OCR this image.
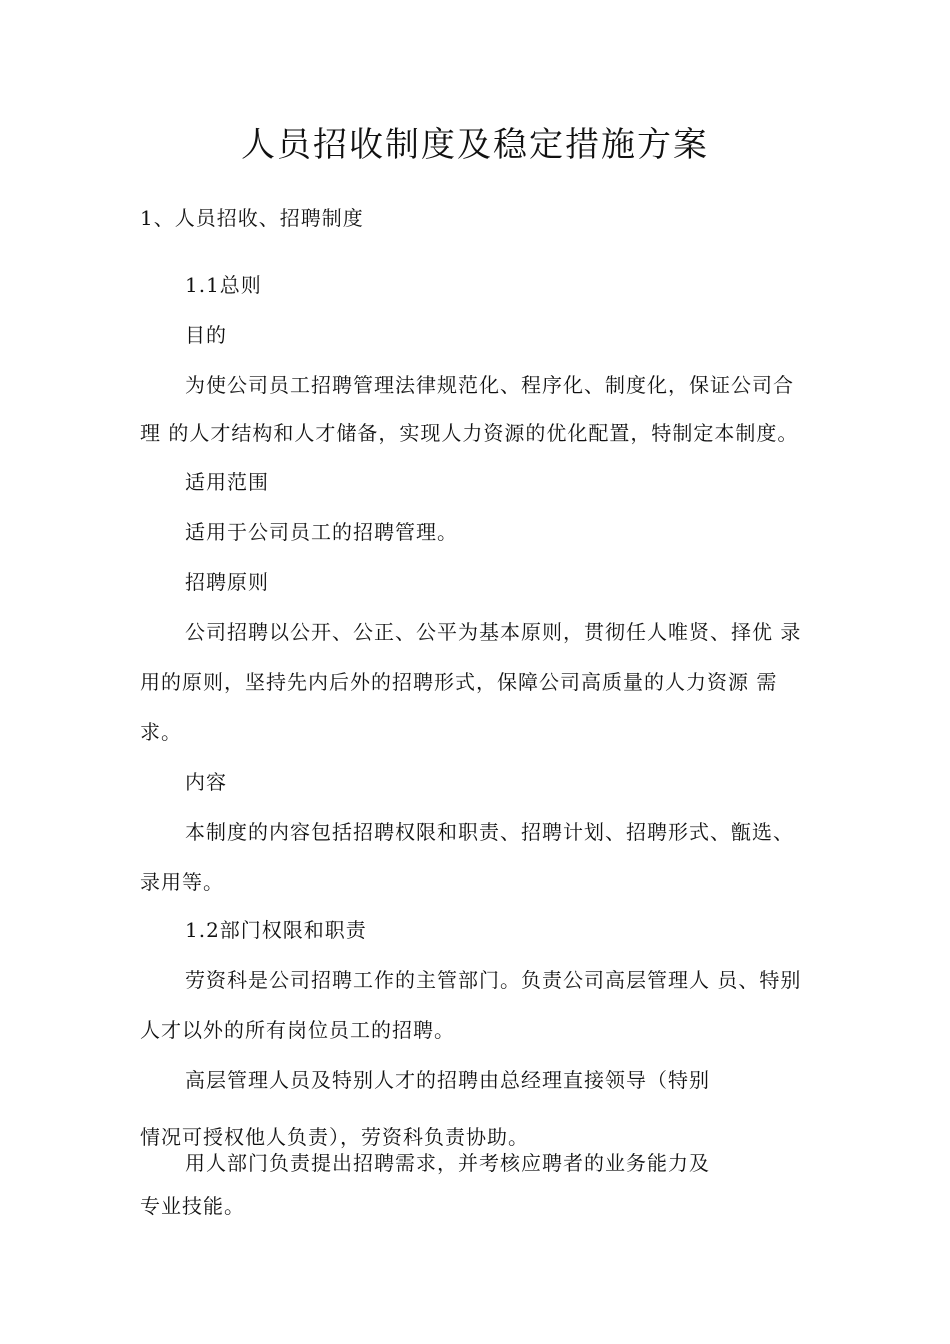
人员招收制度及稳定措施方案

1、人员招收、招聘制度

1.1总则

目的

为使公司员工招聘管理法律规范化、程序化、制度化，保证公司合

理 的人才结构和人才储备，实现人力资源的优化配置，特制定本制度。

适用范围

适用于公司员工的招聘管理。

招聘原则

公司招聘以公开、公正、公平为基本原则，贯彻任人唯贤、择优 录

用的原则，坚持先内后外的招聘形式，保障公司高质量的人力资源 需

求。

内容

本制度的内容包括招聘权限和职责、招聘计划、招聘形式、甑选、

录用等。

1.2部门权限和职责

劳资科是公司招聘工作的主管部门。负责公司高层管理人 员、特别

人才以外的所有岗位员工的招聘。

高层管理人员及特别人才的招聘由总经理直接领导（特别

情况可授权他人负责），劳资科负责协助。

用人部门负责提出招聘需求，并考核应聘者的业务能力及

专业技能。
